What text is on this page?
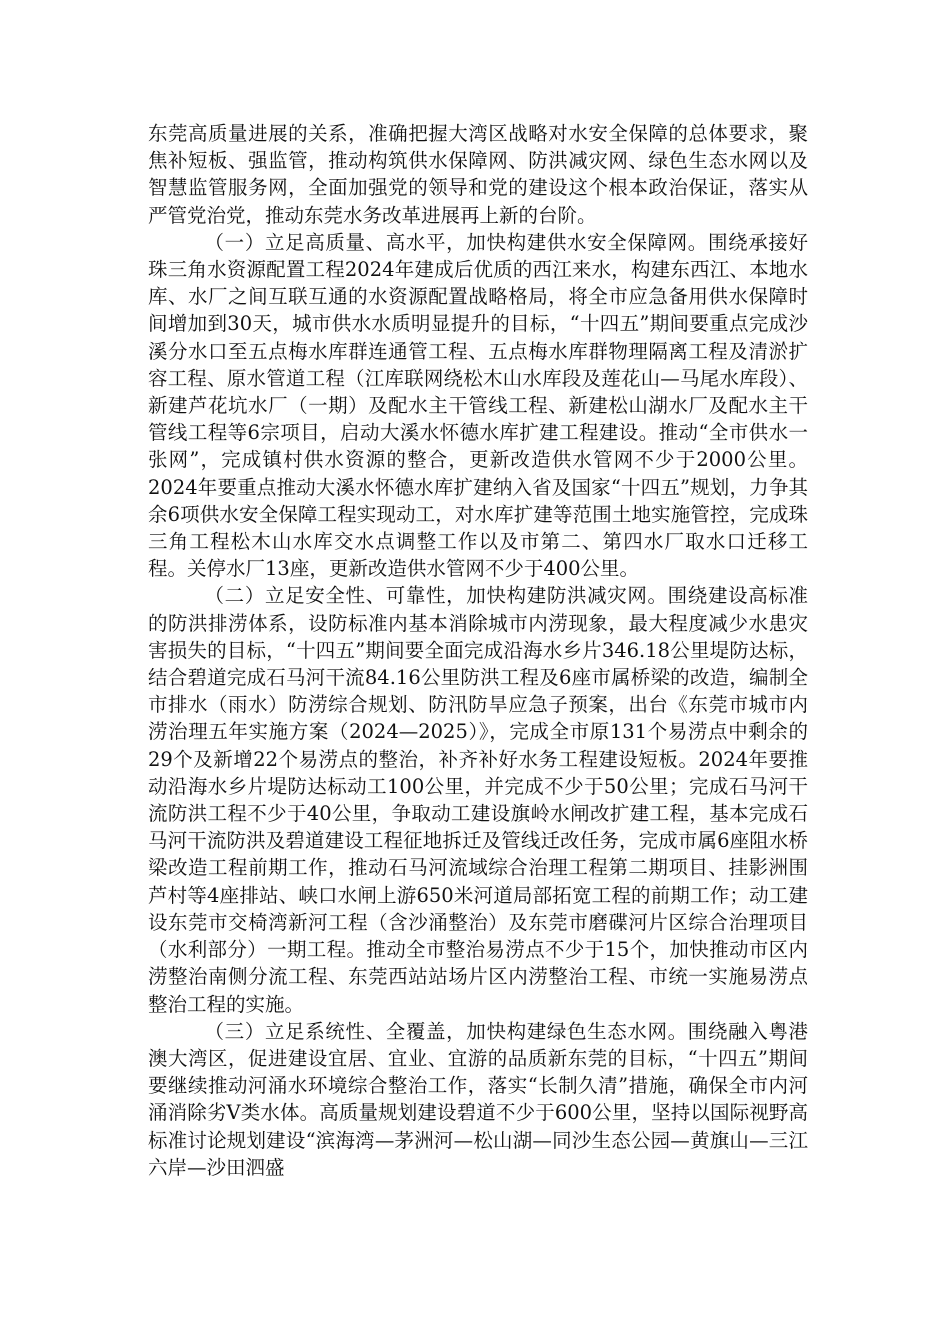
东莞高质量进展的关系，准确把握大湾区战略对水安全保障的总体要求，聚焦补短板、强监管，推动构筑供水保障网、防洪减灾网、绿色生态水网以及智慧监管服务网，全面加强党的领导和党的建设这个根本政治保证，落实从严管党治党，推动东莞水务改革进展再上新的台阶。

（一）立足高质量、高水平，加快构建供水安全保障网。围绕承接好珠三角水资源配置工程2024年建成后优质的西江来水，构建东西江、本地水库、水厂之间互联互通的水资源配置战略格局，将全市应急备用供水保障时间增加到30天，城市供水水质明显提升的目标，“十四五”期间要重点完成沙溪分水口至五点梅水库群连通管工程、五点梅水库群物理隔离工程及清淤扩容工程、原水管道工程（江库联网绕松木山水库段及莲花山—马尾水库段）、新建芦花坑水厂（一期）及配水主干管线工程、新建松山湖水厂及配水主干管线工程等6宗项目，启动大溪水怀德水库扩建工程建设。推动“全市供水一张网”，完成镇村供水资源的整合，更新改造供水管网不少于2000公里。2024年要重点推动大溪水怀德水库扩建纳入省及国家“十四五”规划，力争其余6项供水安全保障工程实现动工，对水库扩建等范围土地实施管控，完成珠三角工程松木山水库交水点调整工作以及市第二、第四水厂取水口迁移工程。关停水厂13座，更新改造供水管网不少于400公里。

（二）立足安全性、可靠性，加快构建防洪减灾网。围绕建设高标准的防洪排涝体系，设防标准内基本消除城市内涝现象，最大程度减少水患灾害损失的目标，“十四五”期间要全面完成沿海水乡片346.18公里堤防达标，结合碧道完成石马河干流84.16公里防洪工程及6座市属桥梁的改造，编制全市排水（雨水）防涝综合规划、防汛防旱应急子预案，出台《东莞市城市内涝治理五年实施方案（2024—2025）》，完成全市原131个易涝点中剩余的29个及新增22个易涝点的整治，补齐补好水务工程建设短板。2024年要推动沿海水乡片堤防达标动工100公里，并完成不少于50公里；完成石马河干流防洪工程不少于40公里，争取动工建设旗岭水闸改扩建工程，基本完成石马河干流防洪及碧道建设工程征地拆迁及管线迁改任务，完成市属6座阻水桥梁改造工程前期工作，推动石马河流域综合治理工程第二期项目、挂影洲围芦村等4座排站、峡口水闸上游650米河道局部拓宽工程的前期工作；动工建设东莞市交椅湾新河工程（含沙涌整治）及东莞市磨碟河片区综合治理项目（水利部分）一期工程。推动全市整治易涝点不少于15个，加快推动市区内涝整治南侧分流工程、东莞西站站场片区内涝整治工程、市统一实施易涝点整治工程的实施。

（三）立足系统性、全覆盖，加快构建绿色生态水网。围绕融入粤港澳大湾区，促进建设宜居、宜业、宜游的品质新东莞的目标，“十四五”期间要继续推动河涌水环境综合整治工作，落实“长制久清”措施，确保全市内河涌消除劣Ⅴ类水体。高质量规划建设碧道不少于600公里，坚持以国际视野高标准讨论规划建设“滨海湾—茅洲河—松山湖—同沙生态公园—黄旗山—三江六岸—沙田泗盛
